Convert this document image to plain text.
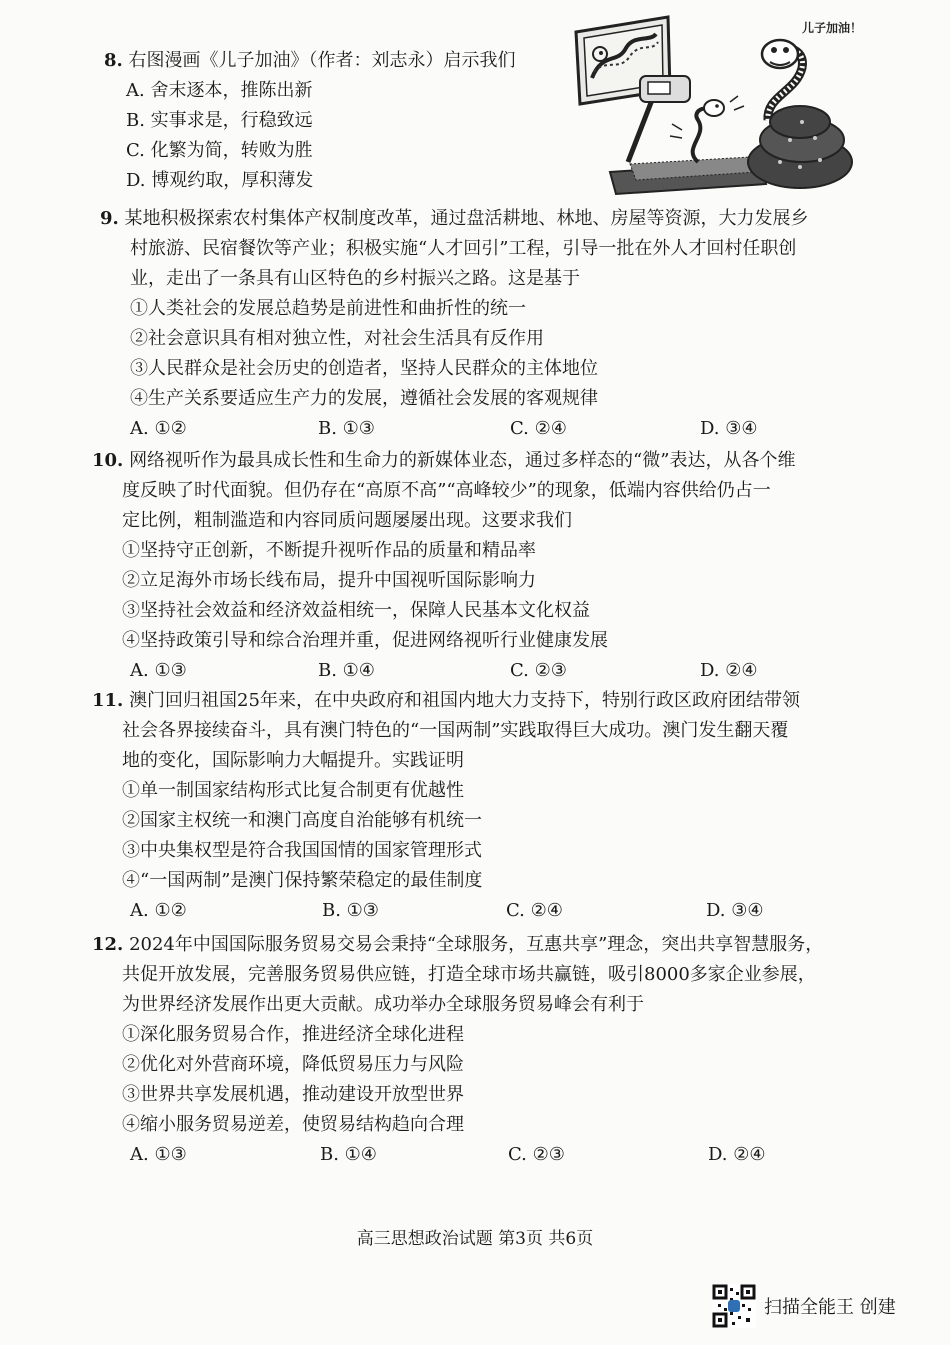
8. 右图漫画《儿子加油》（作者：刘志永）启示我们
A. 舍末逐本，推陈出新
B. 实事求是，行稳致远
C. 化繁为简，转败为胜
D. 博观约取，厚积薄发
儿子加油！
9. 某地积极探索农村集体产权制度改革，通过盘活耕地、林地、房屋等资源，大力发展乡
村旅游、民宿餐饮等产业；积极实施“人才回引”工程，引导一批在外人才回村任职创
业，走出了一条具有山区特色的乡村振兴之路。这是基于
①人类社会的发展总趋势是前进性和曲折性的统一
②社会意识具有相对独立性，对社会生活具有反作用
③人民群众是社会历史的创造者，坚持人民群众的主体地位
④生产关系要适应生产力的发展，遵循社会发展的客观规律
A. ①②	B. ①③	C. ②④	D. ③④
10. 网络视听作为最具成长性和生命力的新媒体业态，通过多样态的“微”表达，从各个维
度反映了时代面貌。但仍存在“高原不高”“高峰较少”的现象，低端内容供给仍占一
定比例，粗制滥造和内容同质问题屡屡出现。这要求我们
①坚持守正创新，不断提升视听作品的质量和精品率
②立足海外市场长线布局，提升中国视听国际影响力
③坚持社会效益和经济效益相统一，保障人民基本文化权益
④坚持政策引导和综合治理并重，促进网络视听行业健康发展
A. ①③	B. ①④	C. ②③	D. ②④
11. 澳门回归祖国25年来，在中央政府和祖国内地大力支持下，特别行政区政府团结带领
社会各界接续奋斗，具有澳门特色的“一国两制”实践取得巨大成功。澳门发生翻天覆
地的变化，国际影响力大幅提升。实践证明
①单一制国家结构形式比复合制更有优越性
②国家主权统一和澳门高度自治能够有机统一
③中央集权型是符合我国国情的国家管理形式
④“一国两制”是澳门保持繁荣稳定的最佳制度
A. ①②	B. ①③	C. ②④	D. ③④
12. 2024年中国国际服务贸易交易会秉持“全球服务，互惠共享”理念，突出共享智慧服务，
共促开放发展，完善服务贸易供应链，打造全球市场共赢链，吸引8000多家企业参展，
为世界经济发展作出更大贡献。成功举办全球服务贸易峰会有利于
①深化服务贸易合作，推进经济全球化进程
②优化对外营商环境，降低贸易压力与风险
③世界共享发展机遇，推动建设开放型世界
④缩小服务贸易逆差，使贸易结构趋向合理
A. ①③	B. ①④	C. ②③	D. ②④
高三思想政治试题 第3页 共6页
扫描全能王 创建
